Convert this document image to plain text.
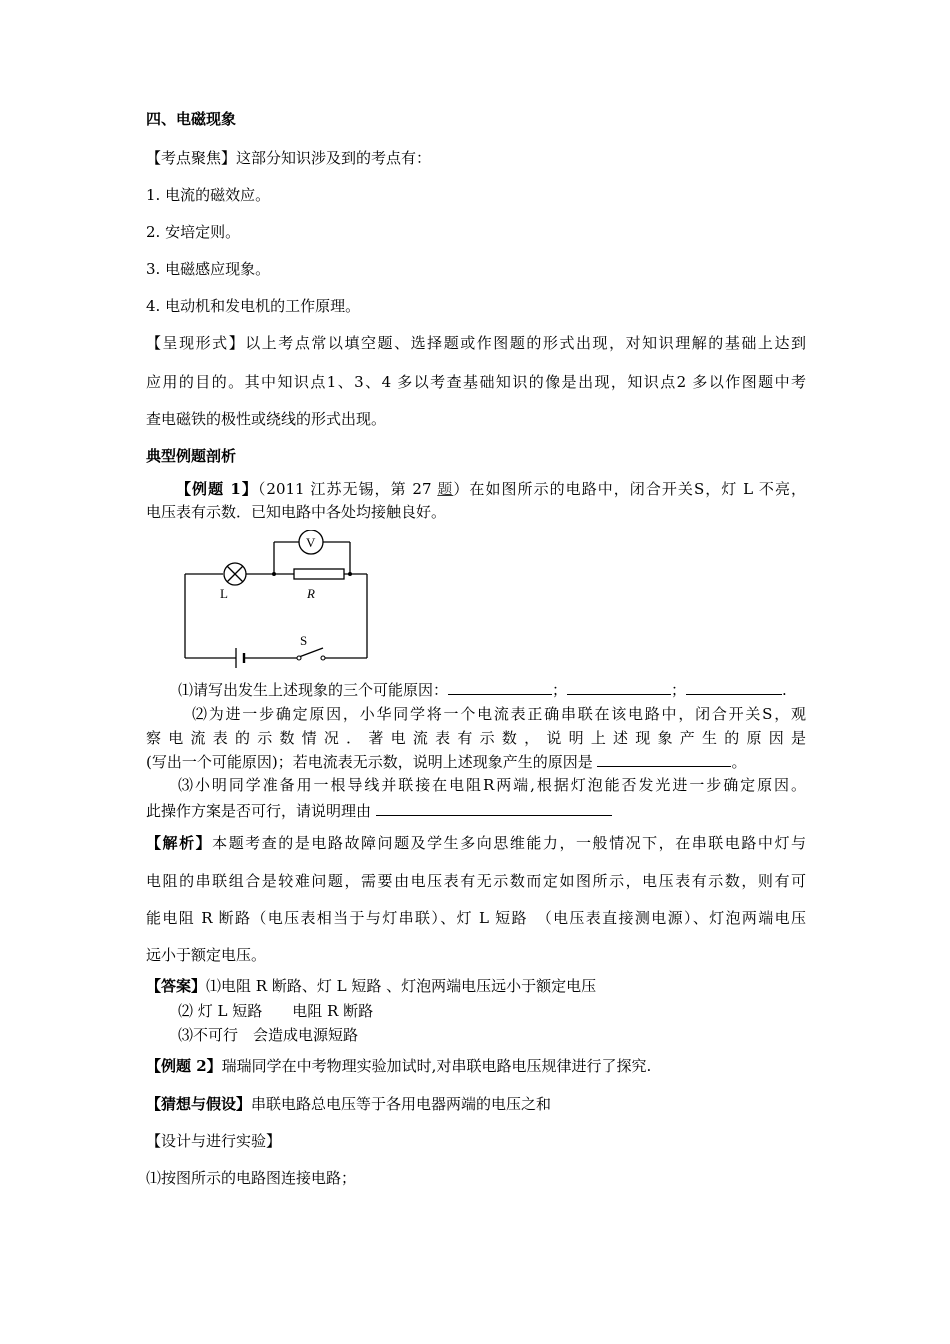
四、电磁现象
【考点聚焦】这部分知识涉及到的考点有：
1. 电流的磁效应。
2. 安培定则。
3. 电磁感应现象。
4. 电动机和发电机的工作原理。
【呈现形式】以上考点常以填空题、选择题或作图题的形式出现，对知识理解的基础上达到
应用的目的。其中知识点1、3、4 多以考查基础知识的像是出现，知识点2 多以作图题中考
查电磁铁的极性或绕线的形式出现。
典型例题剖析
【例题 1】（2011 江苏无锡，第 27 题）在如图所示的电路中，闭合开关S，灯 L 不亮，
电压表有示数．已知电路中各处均接触良好。
L
V
R
S
⑴请写出发生上述现象的三个可能原因：	；	；	.
⑵为进一步确定原因，小华同学将一个电流表正确串联在该电路中，闭合开关S，观
察电流表的示数情况．著电流表有示数，说明上述现象产生的原因是
(写出一个可能原因)；若电流表无示数，说明上述现象产生的原因是	。
⑶小明同学准备用一根导线并联接在电阻R两端,根据灯泡能否发光进一步确定原因。
此操作方案是否可行，请说明理由
【解析】本题考查的是电路故障问题及学生多向思维能力，一般情况下，在串联电路中灯与
电阻的串联组合是较难问题，需要由电压表有无示数而定如图所示，电压表有示数，则有可
能电阻 R 断路（电压表相当于与灯串联）、灯 L 短路　（电压表直接测电源）、灯泡两端电压
远小于额定电压。
【答案】⑴电阻 R 断路、灯 L 短路 、灯泡两端电压远小于额定电压
⑵ 灯 L 短路　　电阻 R 断路
⑶不可行　会造成电源短路
【例题 2】瑞瑞同学在中考物理实验加试时,对串联电路电压规律进行了探究.
【猜想与假设】串联电路总电压等于各用电器两端的电压之和
【设计与进行实验】
⑴按图所示的电路图连接电路；
